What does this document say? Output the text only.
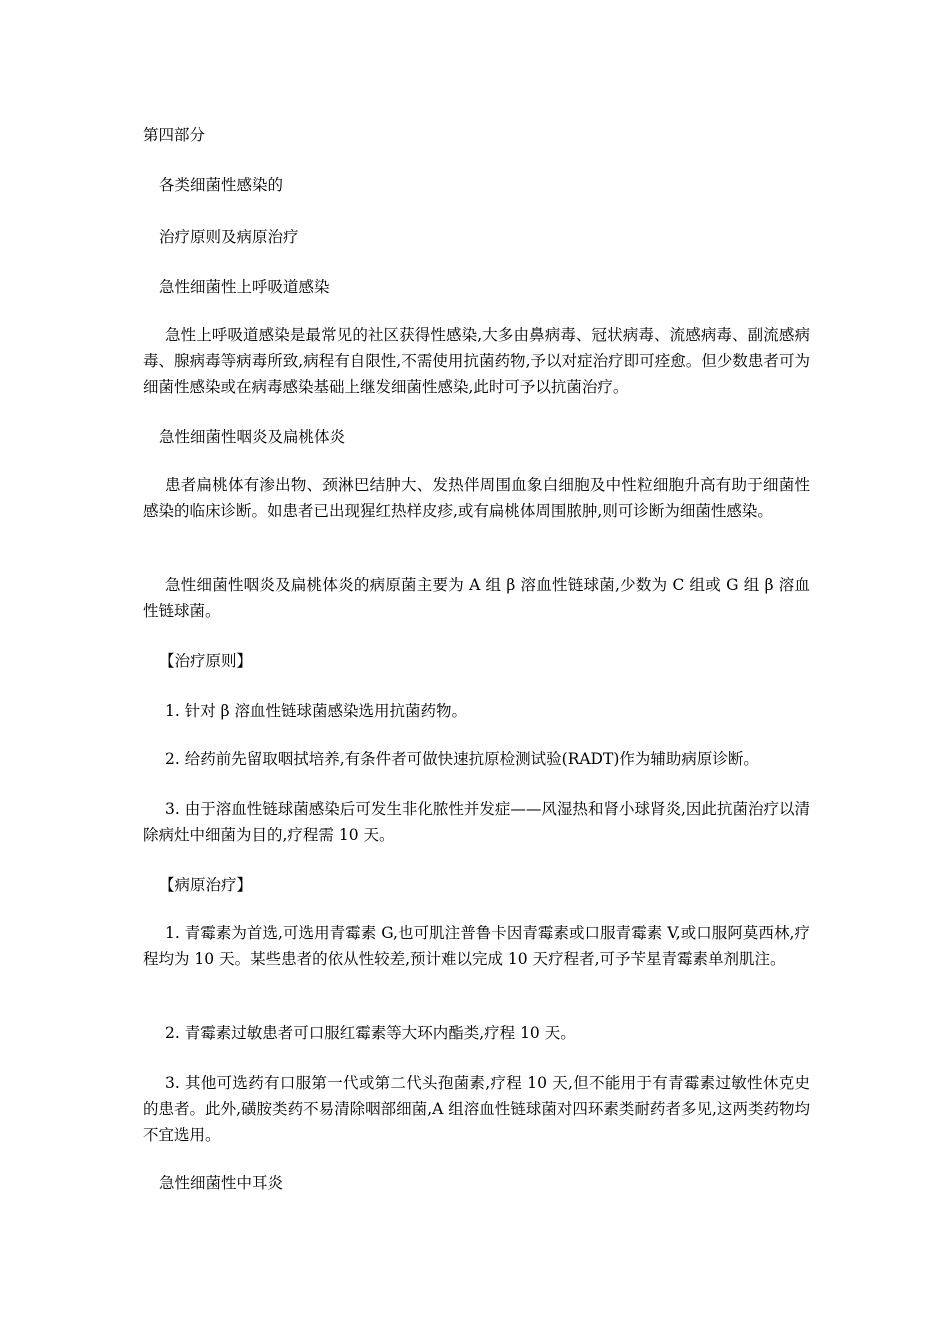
第四部分

各类细菌性感染的

治疗原则及病原治疗

急性细菌性上呼吸道感染

急性上呼吸道感染是最常见的社区获得性感染,大多由鼻病毒、冠状病毒、流感病毒、副流感病毒、腺病毒等病毒所致,病程有自限性,不需使用抗菌药物,予以对症治疗即可痊愈。但少数患者可为细菌性感染或在病毒感染基础上继发细菌性感染,此时可予以抗菌治疗。

急性细菌性咽炎及扁桃体炎

患者扁桃体有渗出物、颈淋巴结肿大、发热伴周围血象白细胞及中性粒细胞升高有助于细菌性感染的临床诊断。如患者已出现猩红热样皮疹,或有扁桃体周围脓肿,则可诊断为细菌性感染。

急性细菌性咽炎及扁桃体炎的病原菌主要为 A 组 β 溶血性链球菌,少数为 C 组或 G 组 β 溶血性链球菌。

【治疗原则】

1. 针对 β 溶血性链球菌感染选用抗菌药物。

2. 给药前先留取咽拭培养,有条件者可做快速抗原检测试验(RADT)作为辅助病原诊断。

3. 由于溶血性链球菌感染后可发生非化脓性并发症——风湿热和肾小球肾炎,因此抗菌治疗以清除病灶中细菌为目的,疗程需 10 天。

【病原治疗】

1. 青霉素为首选,可选用青霉素 G,也可肌注普鲁卡因青霉素或口服青霉素 V,或口服阿莫西林,疗程均为 10 天。某些患者的依从性较差,预计难以完成 10 天疗程者,可予苄星青霉素单剂肌注。

2. 青霉素过敏患者可口服红霉素等大环内酯类,疗程 10 天。

3. 其他可选药有口服第一代或第二代头孢菌素,疗程 10 天,但不能用于有青霉素过敏性休克史的患者。此外,磺胺类药不易清除咽部细菌,A 组溶血性链球菌对四环素类耐药者多见,这两类药物均不宜选用。

急性细菌性中耳炎
